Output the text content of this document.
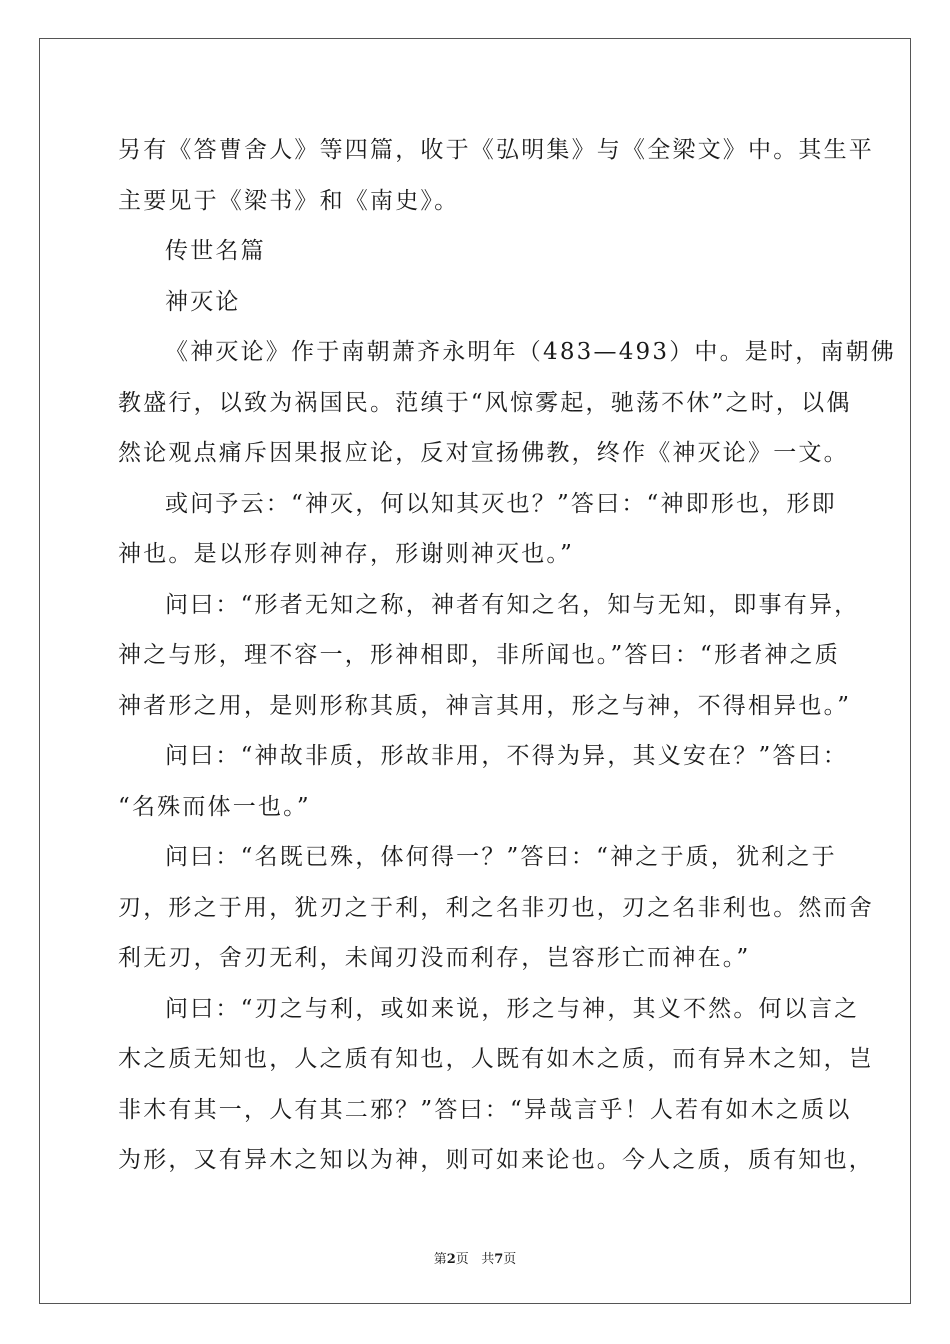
另有《答曹舍人》等四篇，收于《弘明集》与《全梁文》中。其生平
主要见于《梁书》和《南史》。
传世名篇
神灭论
《神灭论》作于南朝萧齐永明年（483—493）中。是时，南朝佛
教盛行，以致为祸国民。范缜于“风惊雾起，驰荡不休”之时，以偶
然论观点痛斥因果报应论，反对宣扬佛教，终作《神灭论》一文。
或问予云：“神灭，何以知其灭也？”答曰：“神即形也，形即
神也。是以形存则神存，形谢则神灭也。”
问曰：“形者无知之称，神者有知之名，知与无知，即事有异，
神之与形，理不容一，形神相即，非所闻也。”答曰：“形者神之质
神者形之用，是则形称其质，神言其用，形之与神，不得相异也。”
问曰：“神故非质，形故非用，不得为异，其义安在？”答曰：
“名殊而体一也。”
问曰：“名既已殊，体何得一？”答曰：“神之于质，犹利之于
刃，形之于用，犹刃之于利，利之名非刃也，刃之名非利也。然而舍
利无刃，舍刃无利，未闻刃没而利存，岂容形亡而神在。”
问曰：“刃之与利，或如来说，形之与神，其义不然。何以言之
木之质无知也，人之质有知也，人既有如木之质，而有异木之知，岂
非木有其一，人有其二邪？”答曰：“异哉言乎！人若有如木之质以
为形，又有异木之知以为神，则可如来论也。今人之质，质有知也，
第2页 共7页
